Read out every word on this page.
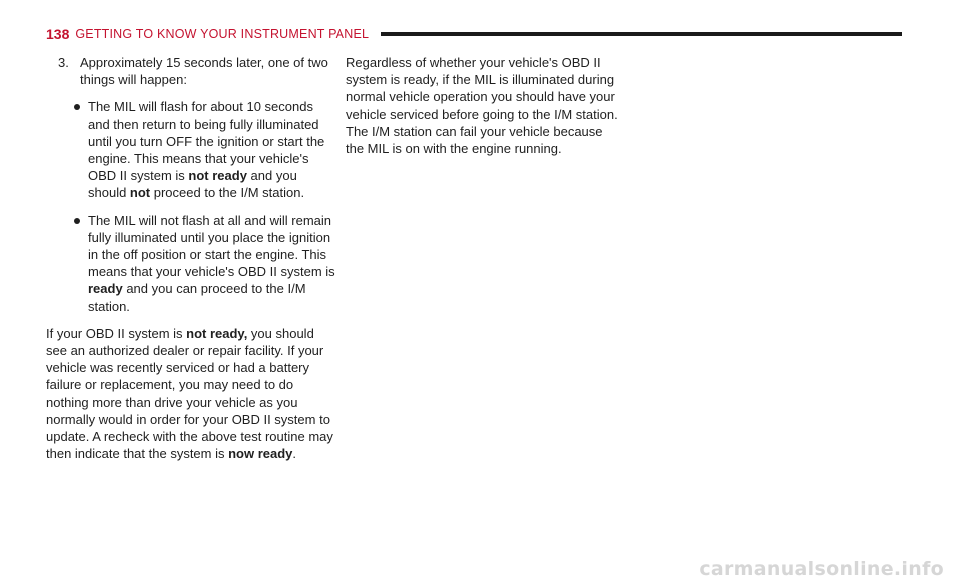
138 GETTING TO KNOW YOUR INSTRUMENT PANEL
3. Approximately 15 seconds later, one of two things will happen:
The MIL will flash for about 10 seconds and then return to being fully illuminated until you turn OFF the ignition or start the engine. This means that your vehicle's OBD II system is not ready and you should not proceed to the I/M station.
The MIL will not flash at all and will remain fully illuminated until you place the ignition in the off position or start the engine. This means that your vehicle's OBD II system is ready and you can proceed to the I/M station.

If your OBD II system is not ready, you should see an authorized dealer or repair facility. If your vehicle was recently serviced or had a battery failure or replacement, you may need to do nothing more than drive your vehicle as you normally would in order for your OBD II system to update. A recheck with the above test routine may then indicate that the system is now ready.

Regardless of whether your vehicle's OBD II system is ready, if the MIL is illuminated during normal vehicle operation you should have your vehicle serviced before going to the I/M station. The I/M station can fail your vehicle because the MIL is on with the engine running.

carmanualsonline.info
